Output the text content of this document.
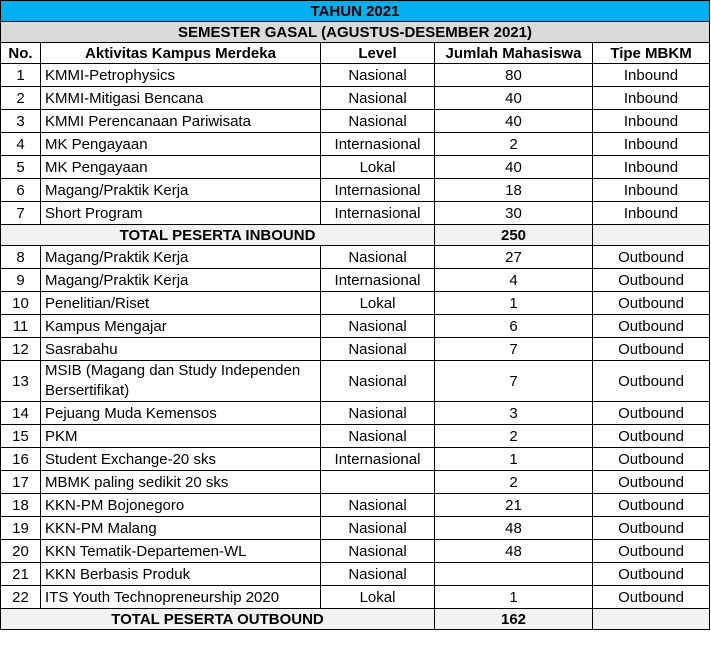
TAHUN 2021				
SEMESTER GASAL (AGUSTUS-DESEMBER 2021)				
No.	Aktivitas Kampus Merdeka	Level	Jumlah Mahasiswa	Tipe MBKM
1	KMMI-Petrophysics	Nasional	80	Inbound
2	KMMI-Mitigasi Bencana	Nasional	40	Inbound
3	KMMI Perencanaan Pariwisata	Nasional	40	Inbound
4	MK Pengayaan	Internasional	2	Inbound
5	MK Pengayaan	Lokal	40	Inbound
6	Magang/Praktik Kerja	Internasional	18	Inbound
7	Short Program	Internasional	30	Inbound
TOTAL PESERTA INBOUND			250	
8	Magang/Praktik Kerja	Nasional	27	Outbound
9	Magang/Praktik Kerja	Internasional	4	Outbound
10	Penelitian/Riset	Lokal	1	Outbound
11	Kampus Mengajar	Nasional	6	Outbound
12	Sasrabahu	Nasional	7	Outbound
13	MSIB (Magang dan Study Independen Bersertifikat)	Nasional	7	Outbound
14	Pejuang Muda Kemensos	Nasional	3	Outbound
15	PKM	Nasional	2	Outbound
16	Student Exchange-20 sks	Internasional	1	Outbound
17	MBMK paling sedikit 20 sks		2	Outbound
18	KKN-PM Bojonegoro	Nasional	21	Outbound
19	KKN-PM Malang	Nasional	48	Outbound
20	KKN Tematik-Departemen-WL	Nasional	48	Outbound
21	KKN Berbasis Produk	Nasional		Outbound
22	ITS Youth Technopreneurship 2020	Lokal	1	Outbound
TOTAL PESERTA OUTBOUND			162	
